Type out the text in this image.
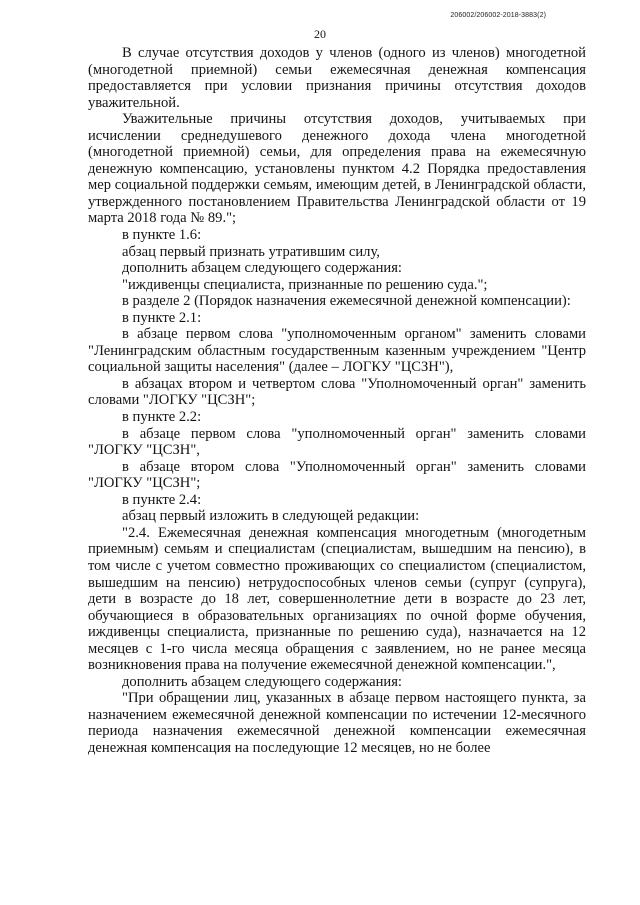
206002/206002-2018-3883(2)
20

В случае отсутствия доходов у членов (одного из членов) многодетной (многодетной приемной) семьи ежемесячная денежная компенсация предоставляется при условии признания причины отсутствия доходов уважительной.

Уважительные причины отсутствия доходов, учитываемых при исчислении среднедушевого денежного дохода члена многодетной (многодетной приемной) семьи, для определения права на ежемесячную денежную компенсацию, установлены пунктом 4.2 Порядка предоставления мер социальной поддержки семьям, имеющим детей, в Ленинградской области, утвержденного постановлением Правительства Ленинградской области от 19 марта 2018 года № 89.";

в пункте 1.6:

абзац первый признать утратившим силу,

дополнить абзацем следующего содержания:

"иждивенцы специалиста, признанные по решению суда.";

в разделе 2 (Порядок назначения ежемесячной денежной компенсации):

в пункте 2.1:

в абзаце первом слова "уполномоченным органом" заменить словами "Ленинградским областным государственным казенным учреждением "Центр социальной защиты населения" (далее – ЛОГКУ "ЦСЗН"),

в абзацах втором и четвертом слова "Уполномоченный орган" заменить словами "ЛОГКУ "ЦСЗН";

в пункте 2.2:

в абзаце первом слова "уполномоченный орган" заменить словами "ЛОГКУ "ЦСЗН",

в абзаце втором слова "Уполномоченный орган" заменить словами "ЛОГКУ "ЦСЗН";

в пункте 2.4:

абзац первый изложить в следующей редакции:

"2.4. Ежемесячная денежная компенсация многодетным (многодетным приемным) семьям и специалистам (специалистам, вышедшим на пенсию), в том числе с учетом совместно проживающих со специалистом (специалистом, вышедшим на пенсию) нетрудоспособных членов семьи (супруг (супруга), дети в возрасте до 18 лет, совершеннолетние дети в возрасте до 23 лет, обучающиеся в образовательных организациях по очной форме обучения, иждивенцы специалиста, признанные по решению суда), назначается на 12 месяцев с 1-го числа месяца обращения с заявлением, но не ранее месяца возникновения права на получение ежемесячной денежной компенсации.",

дополнить абзацем следующего содержания:

"При обращении лиц, указанных в абзаце первом настоящего пункта, за назначением ежемесячной денежной компенсации по истечении 12-месячного периода назначения ежемесячной денежной компенсации ежемесячная денежная компенсация на последующие 12 месяцев, но не более
